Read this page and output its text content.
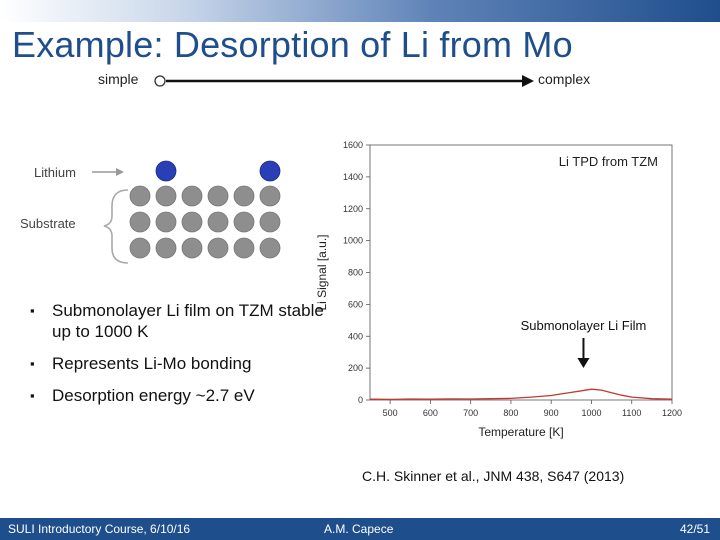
Example: Desorption of Li from Mo
simple	complex
Lithium
Substrate
▪ Submonolayer Li film on TZM stable up to 1000 K
▪ Represents Li-Mo bonding
▪ Desorption energy ~2.7 eV	0
200
400
600
800
1000
1200
1400
1600
500	600	700	800	900	1000 1100 1200
Temperature [K]
Li Signal [a.u.]
Li TPD from TZM
Submonolayer Li Film
C.H. Skinner et al., JNM 438, S647 (2013)
SULI Introductory Course, 6/10/16	A.M. Capece	42/51
